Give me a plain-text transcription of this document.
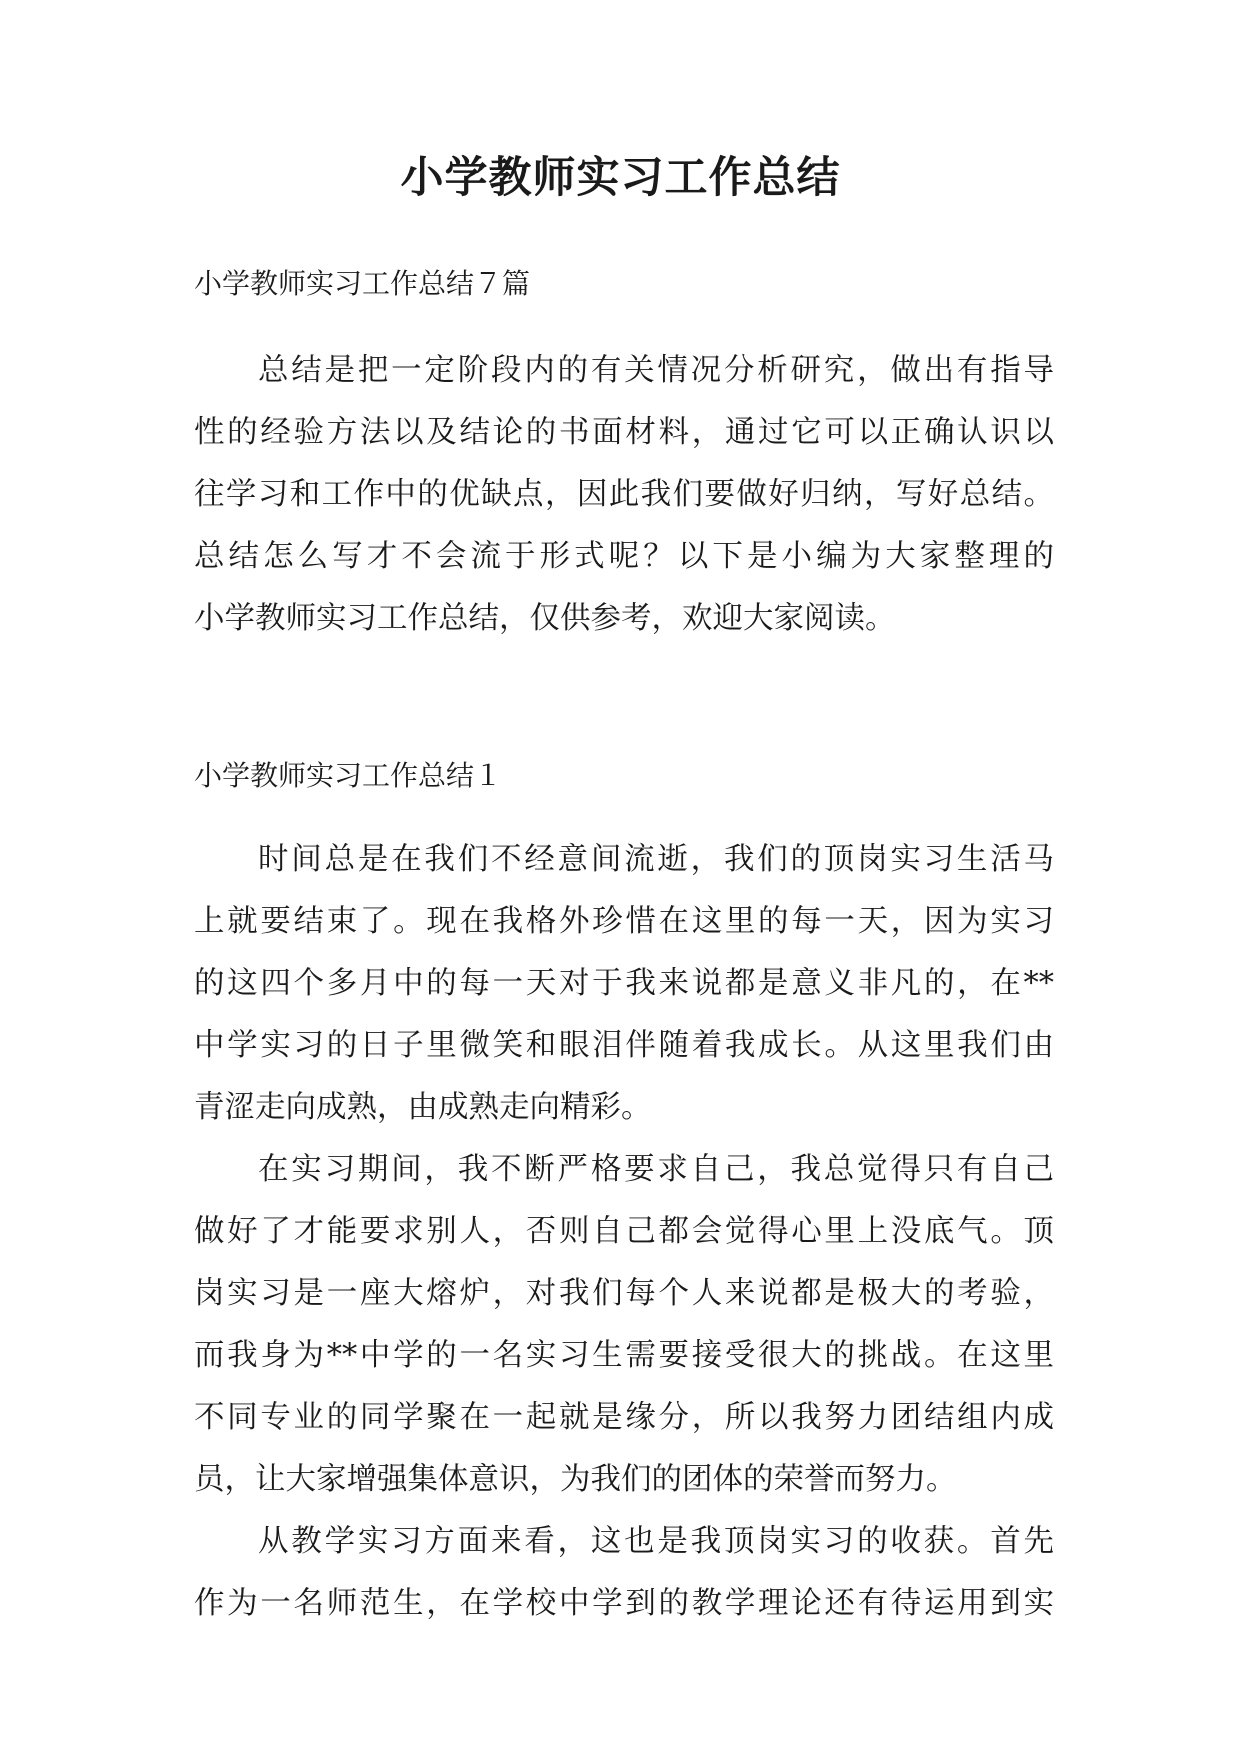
小学教师实习工作总结

小学教师实习工作总结７篇

总结是把一定阶段内的有关情况分析研究，做出有指导
性的经验方法以及结论的书面材料，通过它可以正确认识以
往学习和工作中的优缺点，因此我们要做好归纳，写好总结。
总结怎么写才不会流于形式呢？以下是小编为大家整理的
小学教师实习工作总结，仅供参考，欢迎大家阅读。

小学教师实习工作总结１

时间总是在我们不经意间流逝，我们的顶岗实习生活马
上就要结束了。现在我格外珍惜在这里的每一天，因为实习
的这四个多月中的每一天对于我来说都是意义非凡的，在**
中学实习的日子里微笑和眼泪伴随着我成长。从这里我们由
青涩走向成熟，由成熟走向精彩。
在实习期间，我不断严格要求自己，我总觉得只有自己
做好了才能要求别人，否则自己都会觉得心里上没底气。顶
岗实习是一座大熔炉，对我们每个人来说都是极大的考验，
而我身为**中学的一名实习生需要接受很大的挑战。在这里
不同专业的同学聚在一起就是缘分，所以我努力团结组内成
员，让大家增强集体意识，为我们的团体的荣誉而努力。
从教学实习方面来看，这也是我顶岗实习的收获。首先
作为一名师范生，在学校中学到的教学理论还有待运用到实
